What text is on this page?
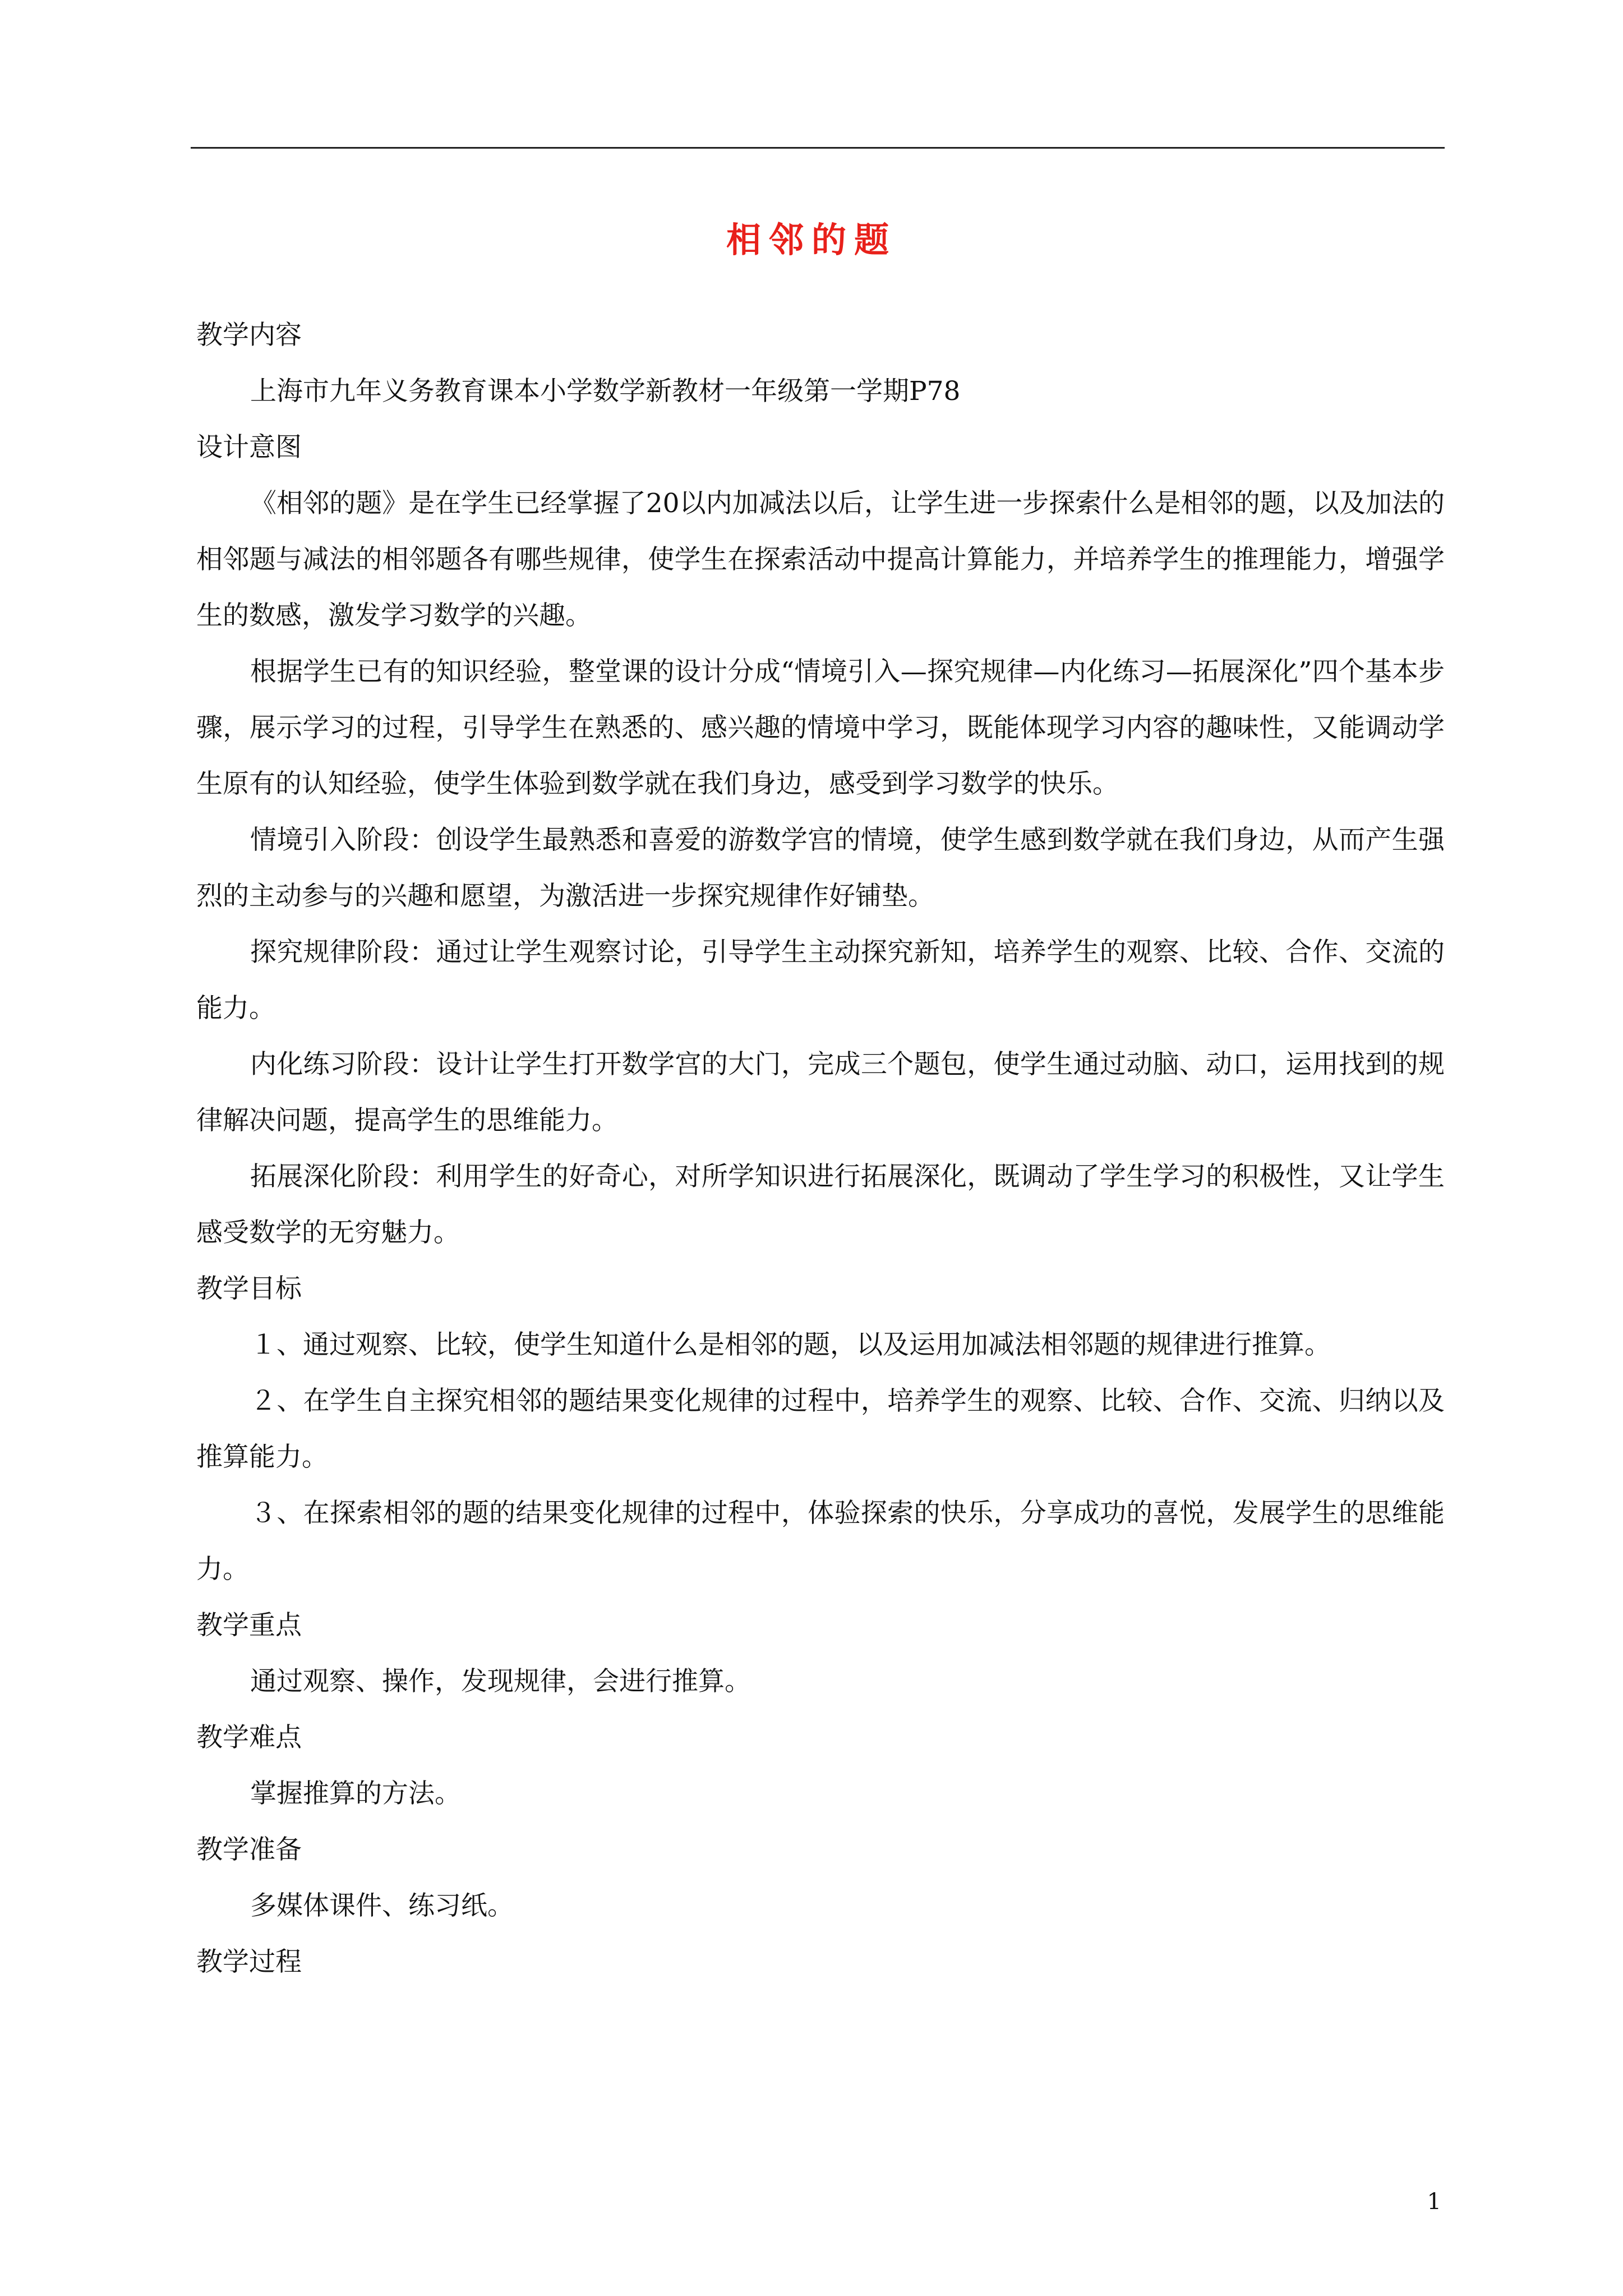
相邻的题

教学内容

上海市九年义务教育课本小学数学新教材一年级第一学期P78

设计意图

《相邻的题》是在学生已经掌握了20以内加减法以后，让学生进一步探索什么是相邻的题，以及加法的相邻题与减法的相邻题各有哪些规律，使学生在探索活动中提高计算能力，并培养学生的推理能力，增强学生的数感，激发学习数学的兴趣。

根据学生已有的知识经验，整堂课的设计分成“情境引入—探究规律—内化练习—拓展深化”四个基本步骤，展示学习的过程，引导学生在熟悉的、感兴趣的情境中学习，既能体现学习内容的趣味性，又能调动学生原有的认知经验，使学生体验到数学就在我们身边，感受到学习数学的快乐。

情境引入阶段：创设学生最熟悉和喜爱的游数学宫的情境，使学生感到数学就在我们身边，从而产生强烈的主动参与的兴趣和愿望，为激活进一步探究规律作好铺垫。

探究规律阶段：通过让学生观察讨论，引导学生主动探究新知，培养学生的观察、比较、合作、交流的能力。

内化练习阶段：设计让学生打开数学宫的大门，完成三个题包，使学生通过动脑、动口，运用找到的规律解决问题，提高学生的思维能力。

拓展深化阶段：利用学生的好奇心，对所学知识进行拓展深化，既调动了学生学习的积极性，又让学生感受数学的无穷魅力。

教学目标

１、通过观察、比较，使学生知道什么是相邻的题，以及运用加减法相邻题的规律进行推算。

２、在学生自主探究相邻的题结果变化规律的过程中，培养学生的观察、比较、合作、交流、归纳以及推算能力。

３、在探索相邻的题的结果变化规律的过程中，体验探索的快乐，分享成功的喜悦，发展学生的思维能力。

教学重点

通过观察、操作，发现规律，会进行推算。

教学难点

掌握推算的方法。

教学准备

多媒体课件、练习纸。

教学过程

1
